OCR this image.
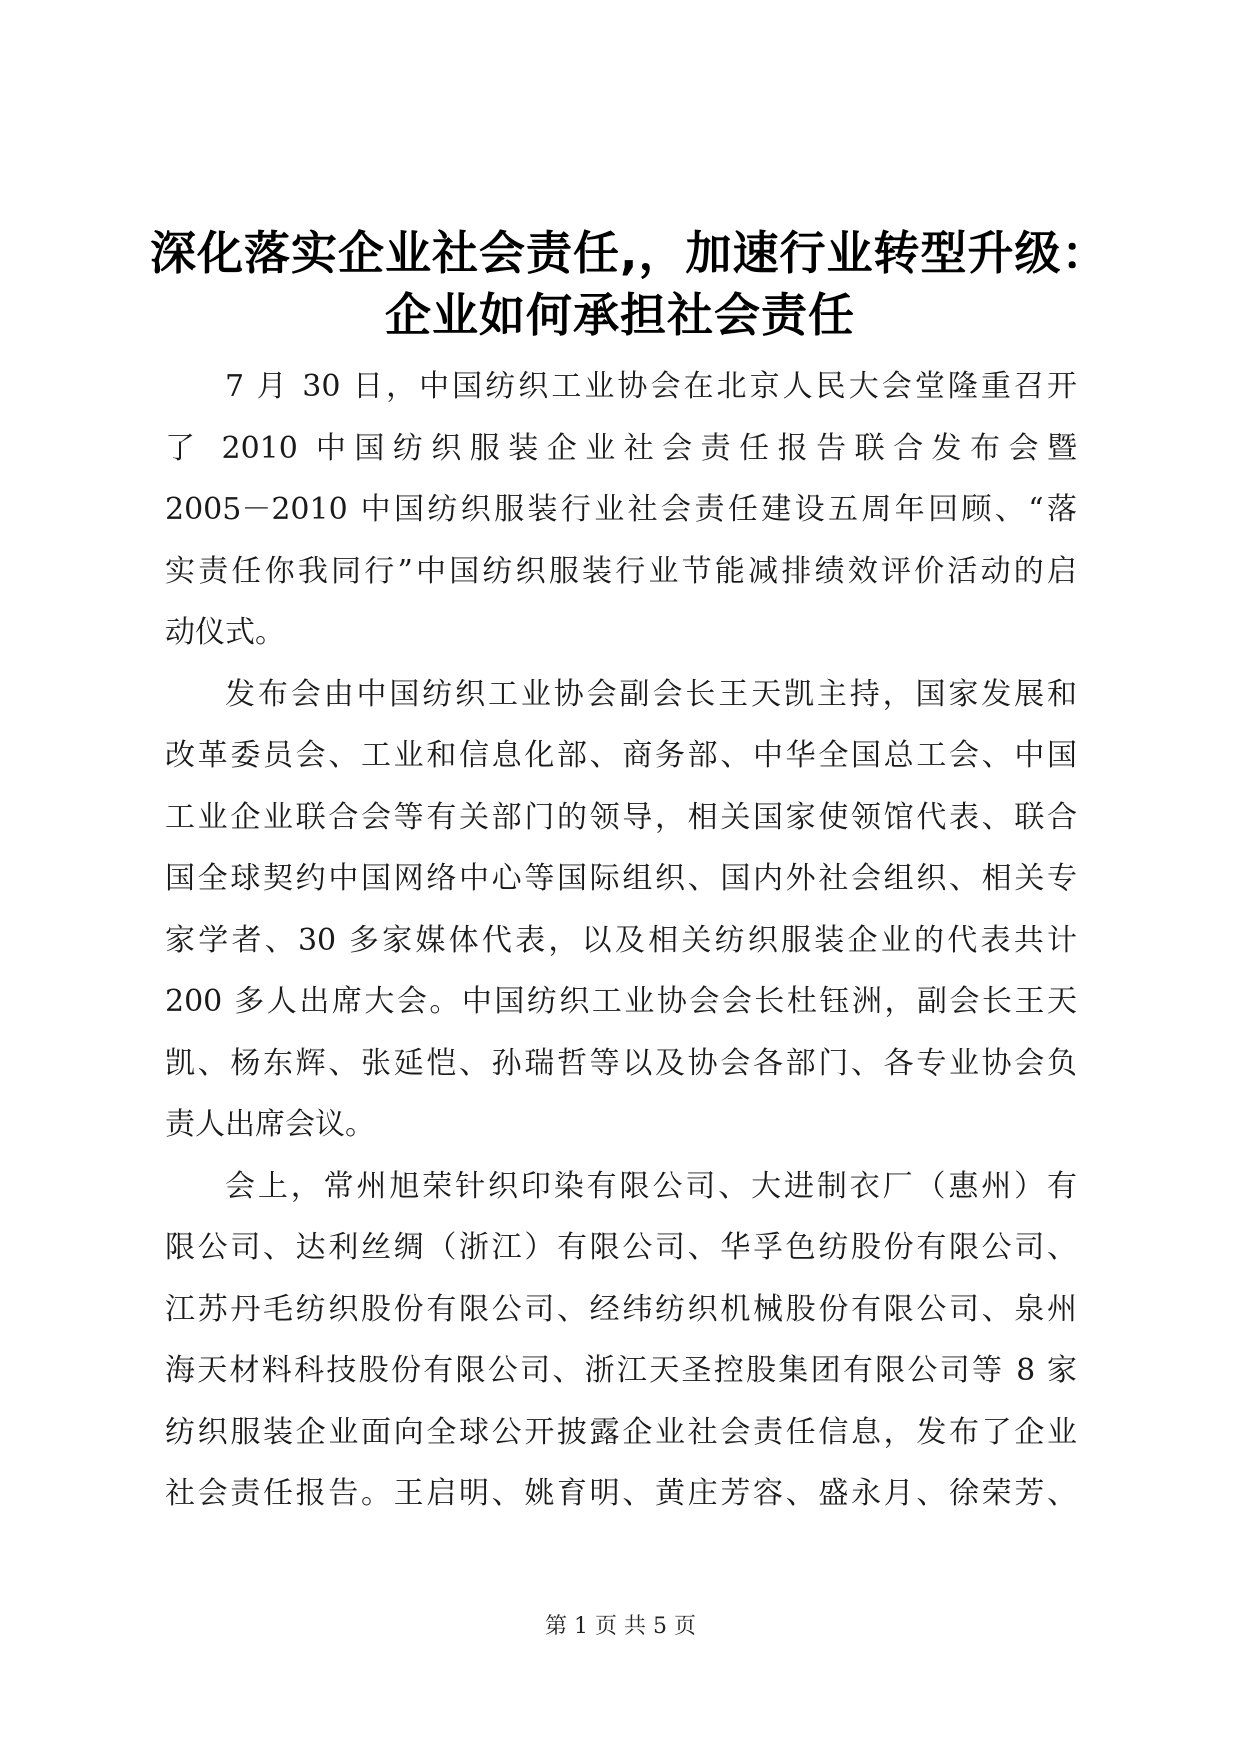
深化落实企业社会责任,，加速行业转型升级：
企业如何承担社会责任
7 月 30 日，中国纺织工业协会在北京人民大会堂隆重召开
了 2010 中国纺织服装企业社会责任报告联合发布会暨
2005－2010 中国纺织服装行业社会责任建设五周年回顾、“落
实责任你我同行”中国纺织服装行业节能减排绩效评价活动的启
动仪式。
发布会由中国纺织工业协会副会长王天凯主持，国家发展和
改革委员会、工业和信息化部、商务部、中华全国总工会、中国
工业企业联合会等有关部门的领导，相关国家使领馆代表、联合
国全球契约中国网络中心等国际组织、国内外社会组织、相关专
家学者、30 多家媒体代表，以及相关纺织服装企业的代表共计
200 多人出席大会。中国纺织工业协会会长杜钰洲，副会长王天
凯、杨东辉、张延恺、孙瑞哲等以及协会各部门、各专业协会负
责人出席会议。
会上，常州旭荣针织印染有限公司、大进制衣厂（惠州）有
限公司、达利丝绸（浙江）有限公司、华孚色纺股份有限公司、
江苏丹毛纺织股份有限公司、经纬纺织机械股份有限公司、泉州
海天材料科技股份有限公司、浙江天圣控股集团有限公司等 8 家
纺织服装企业面向全球公开披露企业社会责任信息，发布了企业
社会责任报告。王启明、姚育明、黄庄芳容、盛永月、徐荣芳、
第 1 页 共 5 页
